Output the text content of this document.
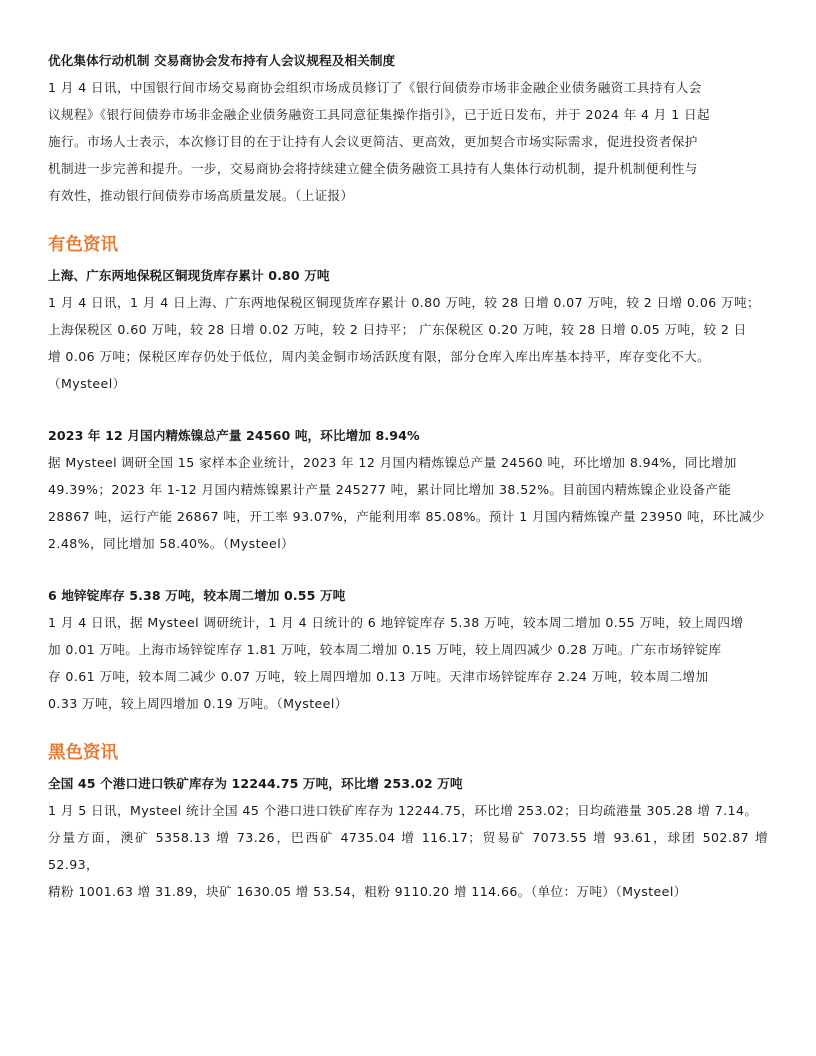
优化集体行动机制 交易商协会发布持有人会议规程及相关制度

1 月 4 日讯，中国银行间市场交易商协会组织市场成员修订了《银行间债券市场非金融企业债务融资工具持有人会

议规程》《银行间债券市场非金融企业债务融资工具同意征集操作指引》，已于近日发布，并于 2024 年 4 月 1 日起

施行。市场人士表示，本次修订目的在于让持有人会议更简洁、更高效，更加契合市场实际需求，促进投资者保护

机制进一步完善和提升。一步，交易商协会将持续建立健全债务融资工具持有人集体行动机制，提升机制便利性与

有效性，推动银行间债券市场高质量发展。（上证报）

有色资讯

上海、广东两地保税区铜现货库存累计 0.80 万吨

1 月 4 日讯，1 月 4 日上海、广东两地保税区铜现货库存累计 0.80 万吨，较 28 日增 0.07 万吨，较 2 日增 0.06 万吨；

上海保税区 0.60 万吨，较 28 日增 0.02 万吨，较 2 日持平； 广东保税区 0.20 万吨，较 28 日增 0.05 万吨，较 2 日

增 0.06 万吨；保税区库存仍处于低位，周内美金铜市场活跃度有限，部分仓库入库出库基本持平，库存变化不大。

（Mysteel）

2023 年 12 月国内精炼镍总产量 24560 吨，环比增加 8.94%

据 Mysteel 调研全国 15 家样本企业统计，2023 年 12 月国内精炼镍总产量 24560 吨，环比增加 8.94%，同比增加

49.39%；2023 年 1-12 月国内精炼镍累计产量 245277 吨，累计同比增加 38.52%。目前国内精炼镍企业设备产能

28867 吨，运行产能 26867 吨，开工率 93.07%，产能利用率 85.08%。预计 1 月国内精炼镍产量 23950 吨，环比减少

2.48%，同比增加 58.40%。（Mysteel）

6 地锌锭库存 5.38 万吨，较本周二增加 0.55 万吨

1 月 4 日讯，据 Mysteel 调研统计，1 月 4 日统计的 6 地锌锭库存 5.38 万吨，较本周二增加 0.55 万吨，较上周四增

加 0.01 万吨。上海市场锌锭库存 1.81 万吨，较本周二增加 0.15 万吨，较上周四减少 0.28 万吨。广东市场锌锭库

存 0.61 万吨，较本周二减少 0.07 万吨，较上周四增加 0.13 万吨。天津市场锌锭库存 2.24 万吨，较本周二增加

0.33 万吨，较上周四增加 0.19 万吨。（Mysteel）

黑色资讯

全国 45 个港口进口铁矿库存为 12244.75 万吨，环比增 253.02 万吨

1 月 5 日讯，Mysteel 统计全国 45 个港口进口铁矿库存为 12244.75，环比增 253.02；日均疏港量 305.28 增 7.14。

分量方面，澳矿 5358.13 增 73.26，巴西矿 4735.04 增 116.17；贸易矿 7073.55 增 93.61，球团 502.87 增 52.93，

精粉 1001.63 增 31.89，块矿 1630.05 增 53.54，粗粉 9110.20 增 114.66。（单位：万吨）（Mysteel）
